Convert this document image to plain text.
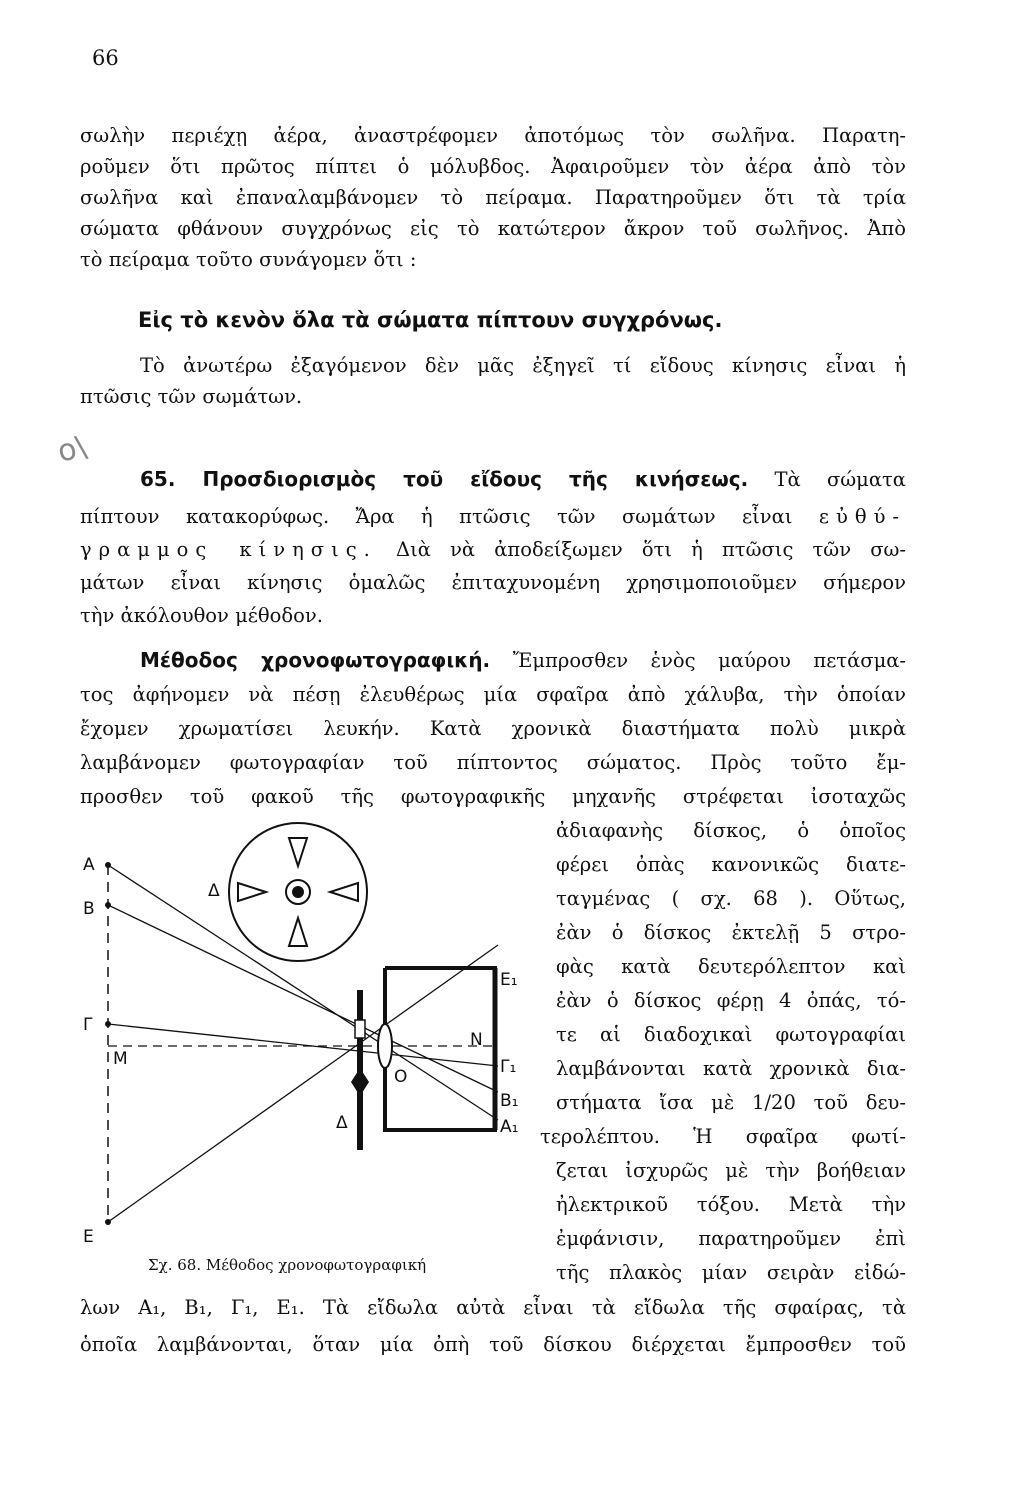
66
σωλὴν περιέχῃ ἀέρα, ἀναστρέφομεν ἀποτόμως τὸν σωλῆνα. Παρατη-
ροῦμεν ὅτι πρῶτος πίπτει ὁ μόλυβδος. Ἀφαιροῦμεν τὸν ἀέρα ἀπὸ τὸν
σωλῆνα καὶ ἐπαναλαμβάνομεν τὸ πείραμα. Παρατηροῦμεν ὅτι τὰ τρία
σώματα φθάνουν συγχρόνως εἰς τὸ κατώτερον ἄκρον τοῦ σωλῆνος. Ἀπὸ
τὸ πείραμα τοῦτο συνάγομεν ὅτι :
Εἰς τὸ κενὸν ὅλα τὰ σώματα πίπτουν συγχρόνως.
Τὸ ἀνωτέρω ἐξαγόμενον δὲν μᾶς ἐξηγεῖ τί εἴδους κίνησις εἶναι ἡ
πτῶσις τῶν σωμάτων.
ο\
65. Προσδιορισμὸς τοῦ εἴδους τῆς κινήσεως. Τὰ σώματα
πίπτουν κατακορύφως. Ἄρα ἡ πτῶσις τῶν σωμάτων εἶναι εὐθύ-
γραμμος κίνησις. Διὰ νὰ ἀποδείξωμεν ὅτι ἡ πτῶσις τῶν σω-
μάτων εἶναι κίνησις ὁμαλῶς ἐπιταχυνομένη χρησιμοποιοῦμεν σήμερον
τὴν ἀκόλουθον μέθοδον.
Μέθοδος χρονοφωτογραφική. Ἔμπροσθεν ἑνὸς μαύρου πετάσμα-
τος ἀφήνομεν νὰ πέσῃ ἐλευθέρως μία σφαῖρα ἀπὸ χάλυβα, τὴν ὁποίαν
ἔχομεν χρωματίσει λευκήν. Κατὰ χρονικὰ διαστήματα πολὺ μικρὰ
λαμβάνομεν φωτογραφίαν τοῦ πίπτοντος σώματος. Πρὸς τοῦτο ἔμ-
προσθεν τοῦ φακοῦ τῆς φωτογραφικῆς μηχανῆς στρέφεται ἰσοταχῶς
ἀδιαφανὴς δίσκος, ὁ ὁποῖος
φέρει ὀπὰς κανονικῶς διατε-
ταγμένας ( σχ. 68 ). Οὕτως,
ἐὰν ὁ δίσκος ἐκτελῇ 5 στρο-
φὰς κατὰ δευτερόλεπτον καὶ
ἐὰν ὁ δίσκος φέρῃ 4 ὀπάς, τό-
τε αἱ διαδοχικαὶ φωτογραφίαι
λαμβάνονται κατὰ χρονικὰ δια-
στήματα ἴσα μὲ 1/20 τοῦ δευ-
τερολέπτου. Ἡ σφαῖρα φωτί-
ζεται ἰσχυρῶς μὲ τὴν βοήθειαν
ἠλεκτρικοῦ τόξου. Μετὰ τὴν
ἐμφάνισιν, παρατηροῦμεν ἐπὶ
τῆς πλακὸς μίαν σειρὰν εἰδώ-
λων Α₁, Β₁, Γ₁, Ε₁. Τὰ εἴδωλα αὐτὰ εἶναι τὰ εἴδωλα τῆς σφαίρας, τὰ
ὁποῖα λαμβάνονται, ὅταν μία ὀπὴ τοῦ δίσκου διέρχεται ἔμπροσθεν τοῦ
Δ
Α
Β
Γ
Μ
Ε
Ε₁
Ν
Γ₁
Β₁
Α₁
Ο
Δ
Σχ. 68. Μέθοδος χρονοφωτογραφική
